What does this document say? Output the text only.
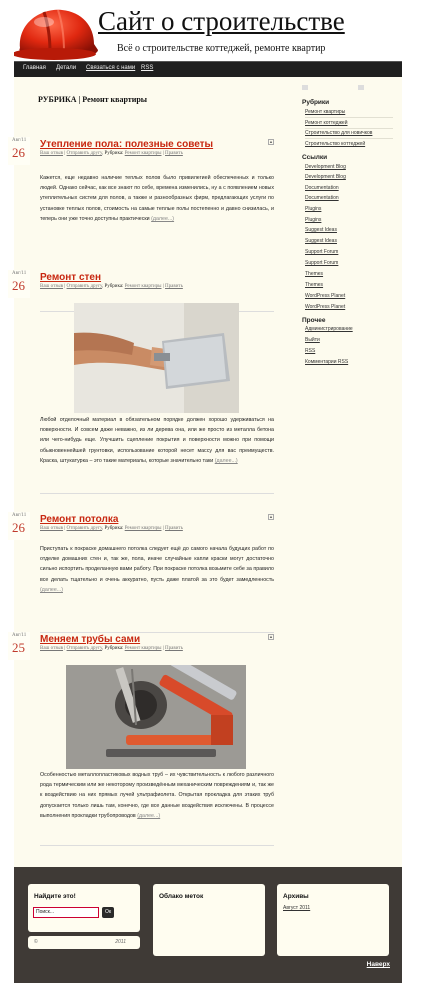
Сайт о строительстве
Всё о строительстве коттеджей, ремонте квартир
Главная Детали Связаться с нами RSS
РУБРИКА | Ремонт квартиры
Авг/11
26
Утепление пола: полезные советы	▲
Ваш отзыв | Отправить другу, Рубрика: Ремонт квартиры | Править
Кажется, еще недавно наличие теплых полов было привилегией обеспеченных и только людей. Однако сейчас, как все знают по себе, времена изменились, ну а с появлением новых утеплительных систем для полов, а также и разнообразных фирм, предлагающих услуги по установке теплых полов, стоимость на самые теплые полы постепенно и давно снизилась, и теперь они уже точно доступны практически (далее...)
Авг/11
26
Ремонт стен
Ваш отзыв | Отправить другу, Рубрика: Ремонт квартиры | Править
Любой отделочный материал в обязательном порядке должен хорошо удерживаться на поверхности. И совсем даже неважно, из ли дерева она, или же просто из металла бетона или чего-нибудь еще. Улучшить сцепление покрытия и поверхности можно при помощи обыкновеннейшей грунтовки, использование которой несет массу для вас преимуществ. Краска, штукатурка – это такие материалы, которые значительно таки (далее...)
Авг/11
26
Ремонт потолка	▲
Ваш отзыв | Отправить другу, Рубрика: Ремонт квартиры | Править
Приступать к покраске домашнего потолка следует ещё до самого начала будущих работ по отделке домашних стен и, так же, пола, иначе случайные капли краски могут достаточно сильно испортить проделанную вами работу. При покраске потолка возьмите себе за правило все делать тщательно и очень аккуратно, пусть даже платой за это будет замедленность (далее...)
Авг/11
25
Меняем трубы сами	▲
Ваш отзыв | Отправить другу, Рубрика: Ремонт квартиры | Править
Особенностью металлопластиковых водных труб – их чувствительность к любого различного рода термическим или же некоторому произведённым механическим повреждениям и, так же к воздействию на них прямых лучей ультрафиолета. Открытая прокладка для этаких труб допускается только лишь там, конечно, где все данные воздействия исключены. В процессе выполнения прокладки трубопроводов (далее...)
Рубрики
Ремонт квартиры
Ремонт коттеджей
Строительство для новичков
Строительство коттеджей
Ссылки
Development Blog
Development Blog
Documentation
Documentation
Plugins
Plugins
Suggest Ideas
Suggest Ideas
Support Forum
Support Forum
Themes
Themes
WordPress Planet
WordPress Planet
Прочее
Администрирование
Выйти
RSS
Комментарии RSS
Найдите это!
Поиск...	Ок
©	2011
Облако меток	Архивы
Август 2011
Наверх
